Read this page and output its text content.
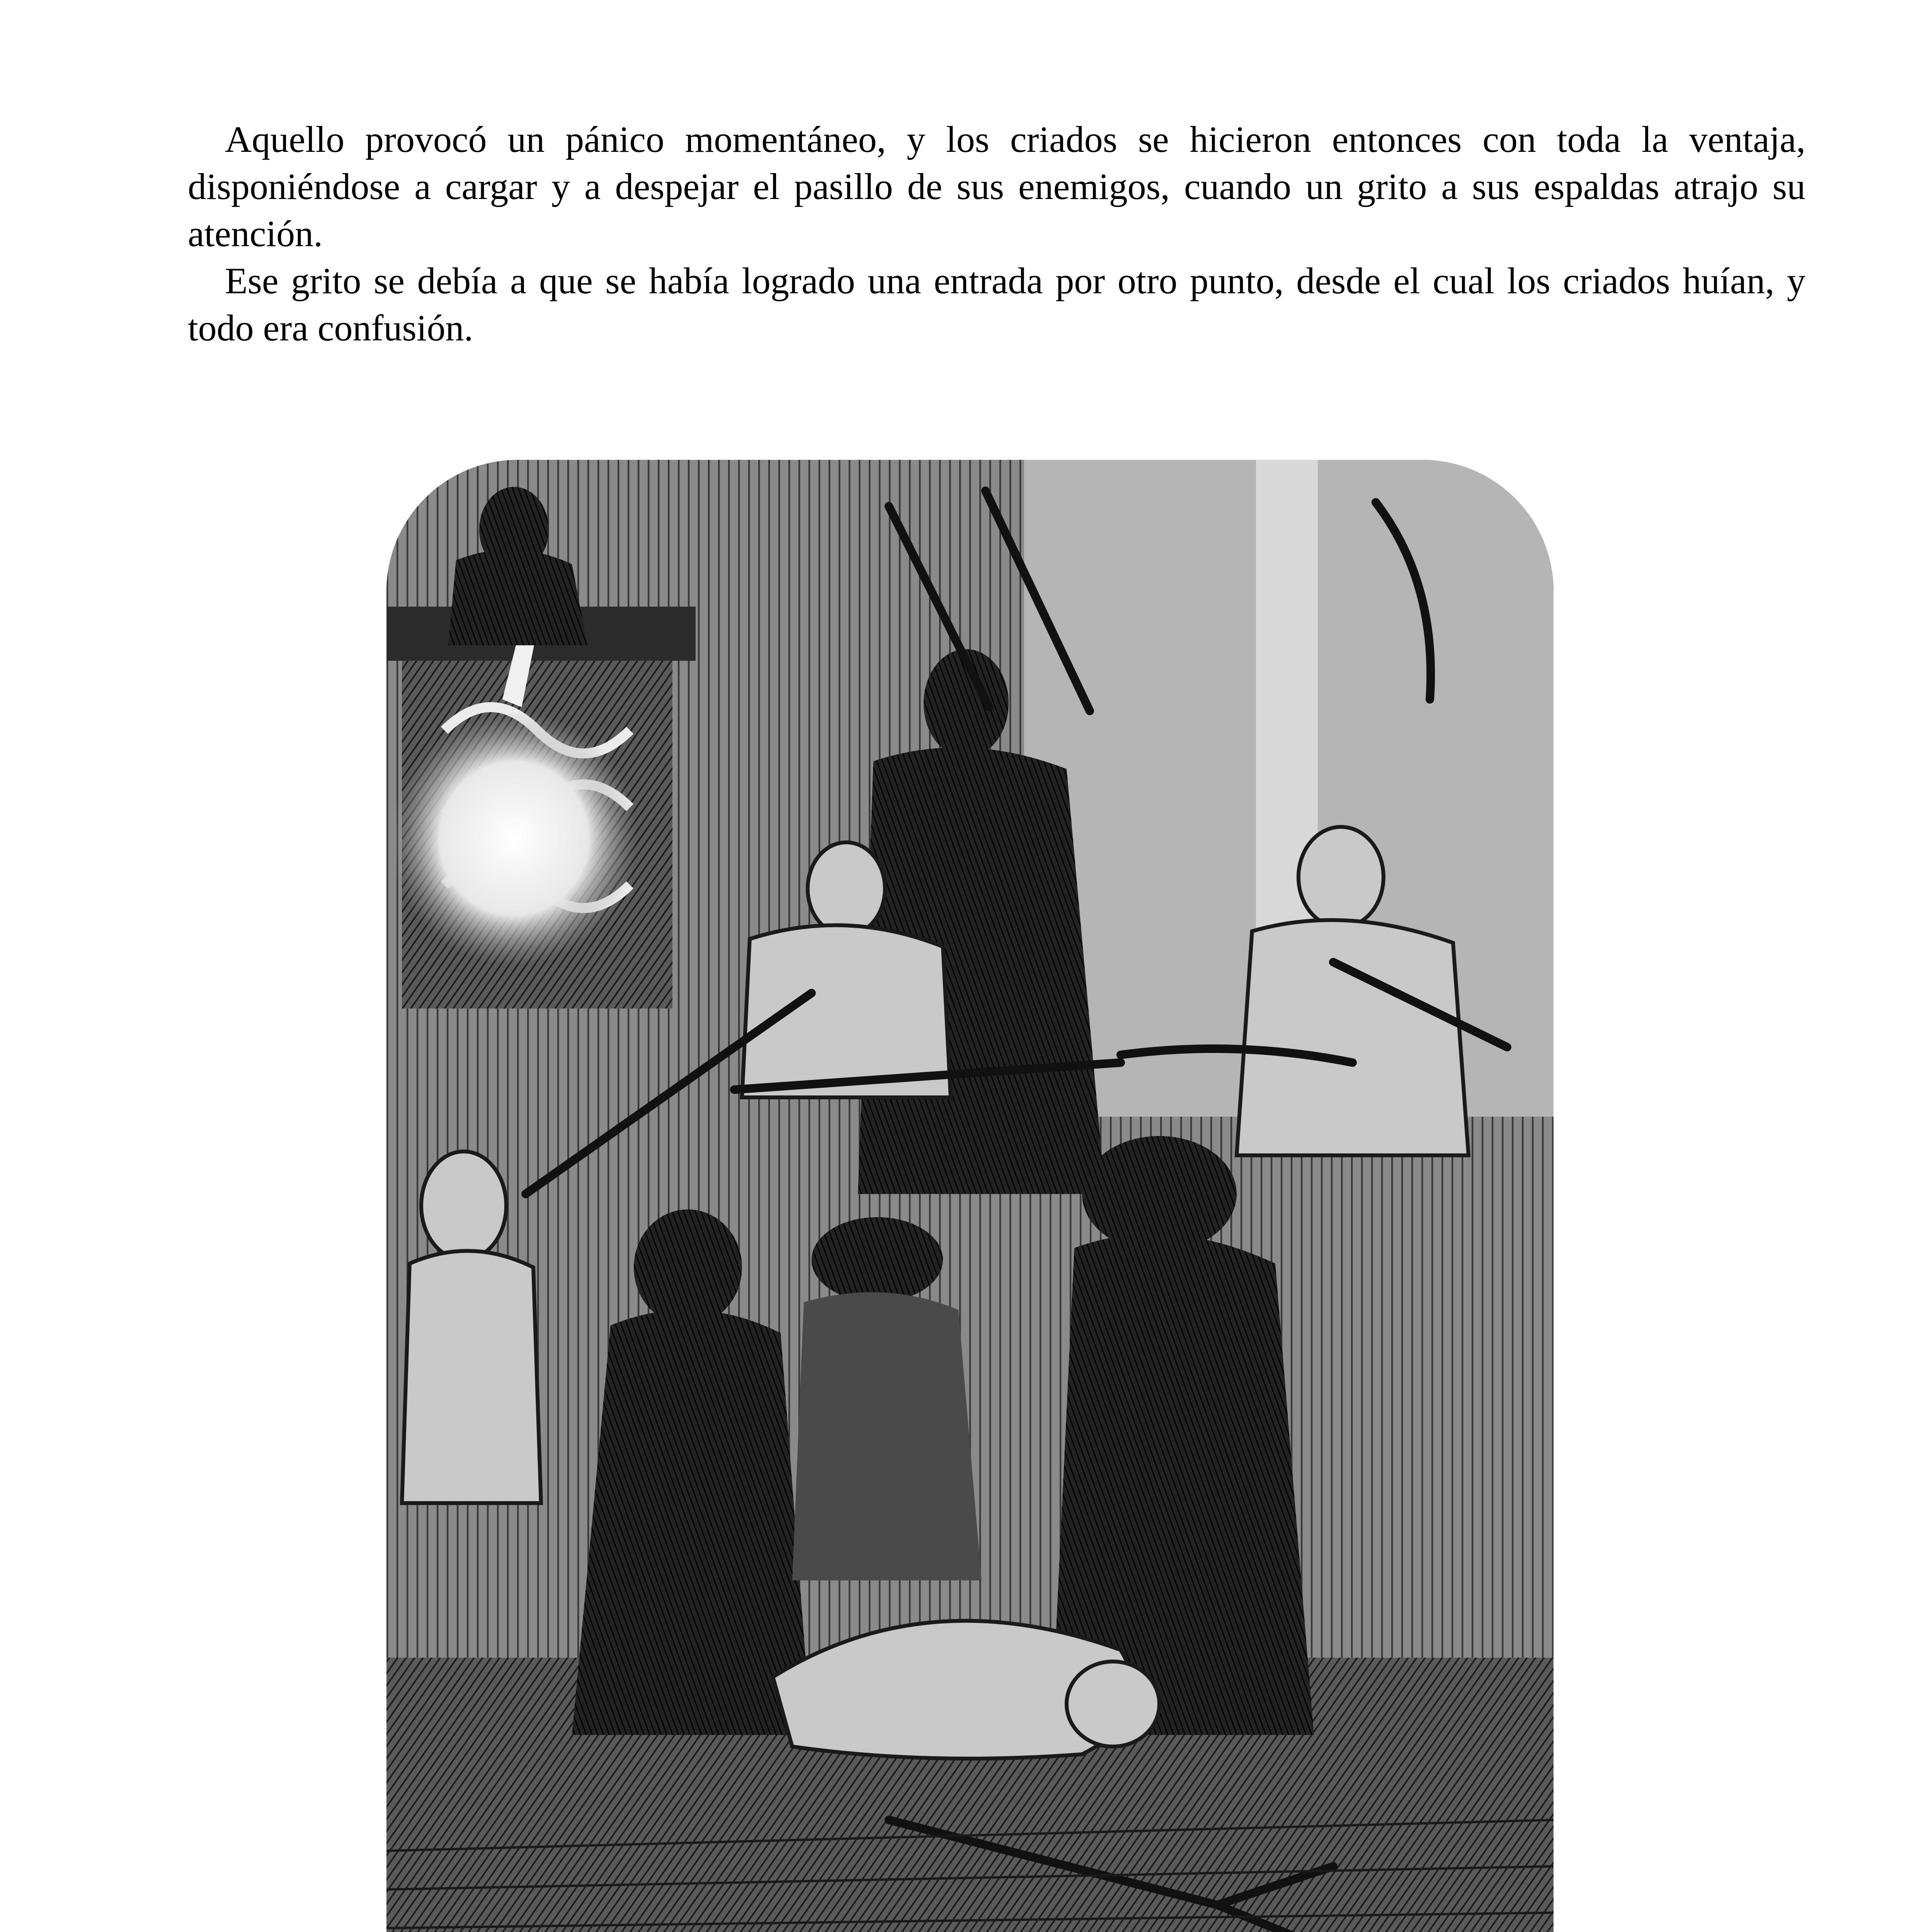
Aquello provocó un pánico momentáneo, y los criados se hicieron entonces con toda la ventaja, disponiéndose a cargar y a despejar el pasillo de sus enemigos, cuando un grito a sus espaldas atrajo su atención.

Ese grito se debía a que se había logrado una entrada por otro punto, desde el cual los criados huían, y todo era confusión.
